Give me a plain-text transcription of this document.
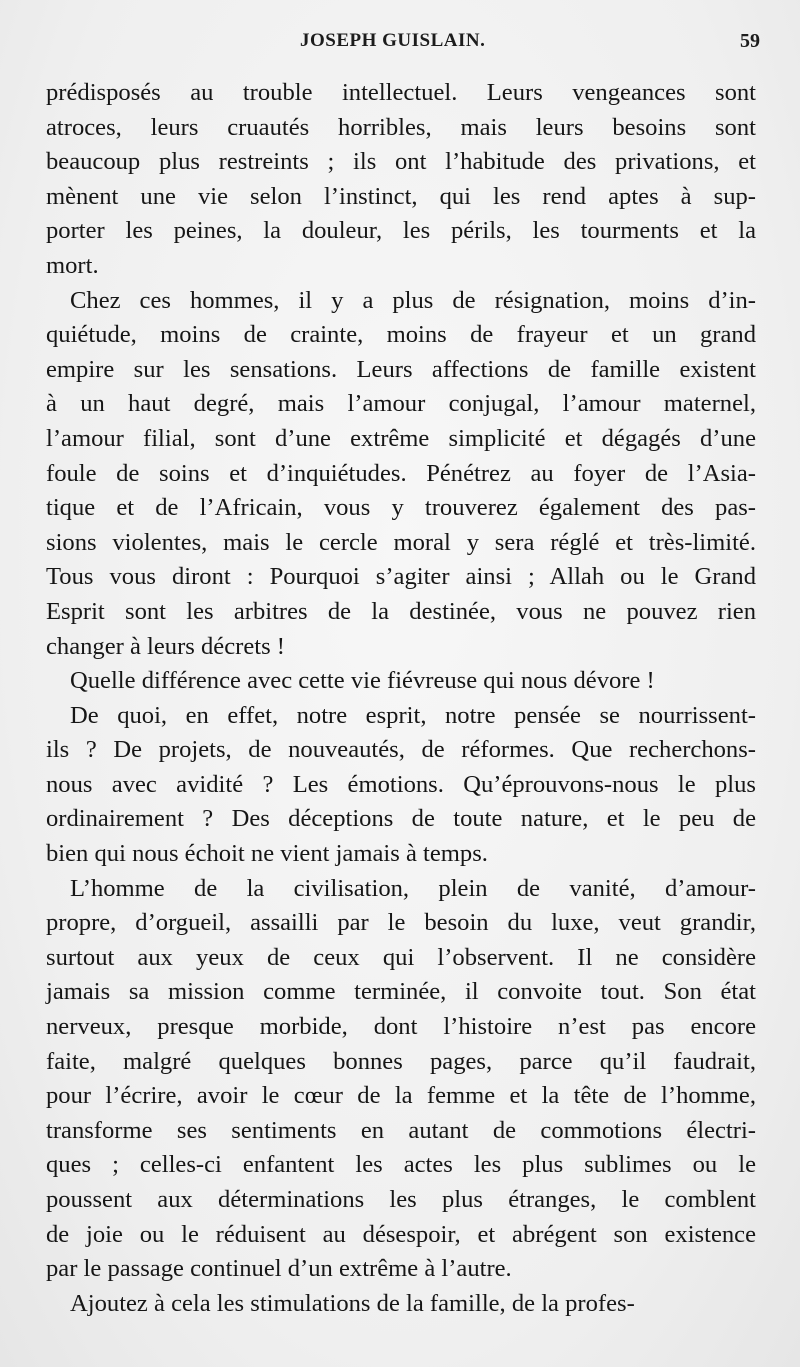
JOSEPH GUISLAIN.	59
prédisposés au trouble intellectuel. Leurs vengeances sont
atroces, leurs cruautés horribles, mais leurs besoins sont
beaucoup plus restreints ; ils ont l’habitude des privations, et
mènent une vie selon l’instinct, qui les rend aptes à sup-
porter les peines, la douleur, les périls, les tourments et la
mort.
Chez ces hommes, il y a plus de résignation, moins d’in-
quiétude, moins de crainte, moins de frayeur et un grand
empire sur les sensations. Leurs affections de famille existent
à un haut degré, mais l’amour conjugal, l’amour maternel,
l’amour filial, sont d’une extrême simplicité et dégagés d’une
foule de soins et d’inquiétudes. Pénétrez au foyer de l’Asia-
tique et de l’Africain, vous y trouverez également des pas-
sions violentes, mais le cercle moral y sera réglé et très-limité.
Tous vous diront : Pourquoi s’agiter ainsi ; Allah ou le Grand
Esprit sont les arbitres de la destinée, vous ne pouvez rien
changer à leurs décrets !
Quelle différence avec cette vie fiévreuse qui nous dévore !
De quoi, en effet, notre esprit, notre pensée se nourrissent-
ils ? De projets, de nouveautés, de réformes. Que recherchons-
nous avec avidité ? Les émotions. Qu’éprouvons-nous le plus
ordinairement ? Des déceptions de toute nature, et le peu de
bien qui nous échoit ne vient jamais à temps.
L’homme de la civilisation, plein de vanité, d’amour-
propre, d’orgueil, assailli par le besoin du luxe, veut grandir,
surtout aux yeux de ceux qui l’observent. Il ne considère
jamais sa mission comme terminée, il convoite tout. Son état
nerveux, presque morbide, dont l’histoire n’est pas encore
faite, malgré quelques bonnes pages, parce qu’il faudrait,
pour l’écrire, avoir le cœur de la femme et la tête de l’homme,
transforme ses sentiments en autant de commotions électri-
ques ; celles-ci enfantent les actes les plus sublimes ou le
poussent aux déterminations les plus étranges, le comblent
de joie ou le réduisent au désespoir, et abrégent son existence
par le passage continuel d’un extrême à l’autre.
Ajoutez à cela les stimulations de la famille, de la profes-
